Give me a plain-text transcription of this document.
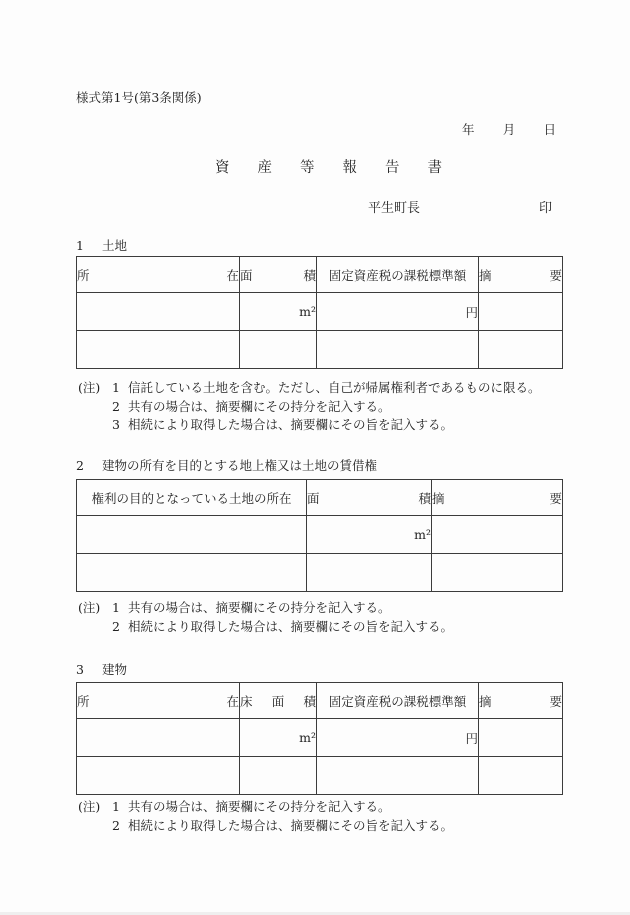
様式第1号(第3条関係)
年 月 日
資産等報告書
平生町長	印
1 土地
所在	面積	固定資産税の課税標準額	摘要
	m²	円	

(注) 1 信託している土地を含む。ただし、自己が帰属権利者であるものに限る。
2 共有の場合は、摘要欄にその持分を記入する。
3 相続により取得した場合は、摘要欄にその旨を記入する。
2 建物の所有を目的とする地上権又は土地の賃借権
権利の目的となっている土地の所在	面積	摘要
	m²	

(注) 1 共有の場合は、摘要欄にその持分を記入する。
2 相続により取得した場合は、摘要欄にその旨を記入する。
3 建物
所在	床面積	固定資産税の課税標準額	摘要
	m²	円	

(注) 1 共有の場合は、摘要欄にその持分を記入する。
2 相続により取得した場合は、摘要欄にその旨を記入する。
